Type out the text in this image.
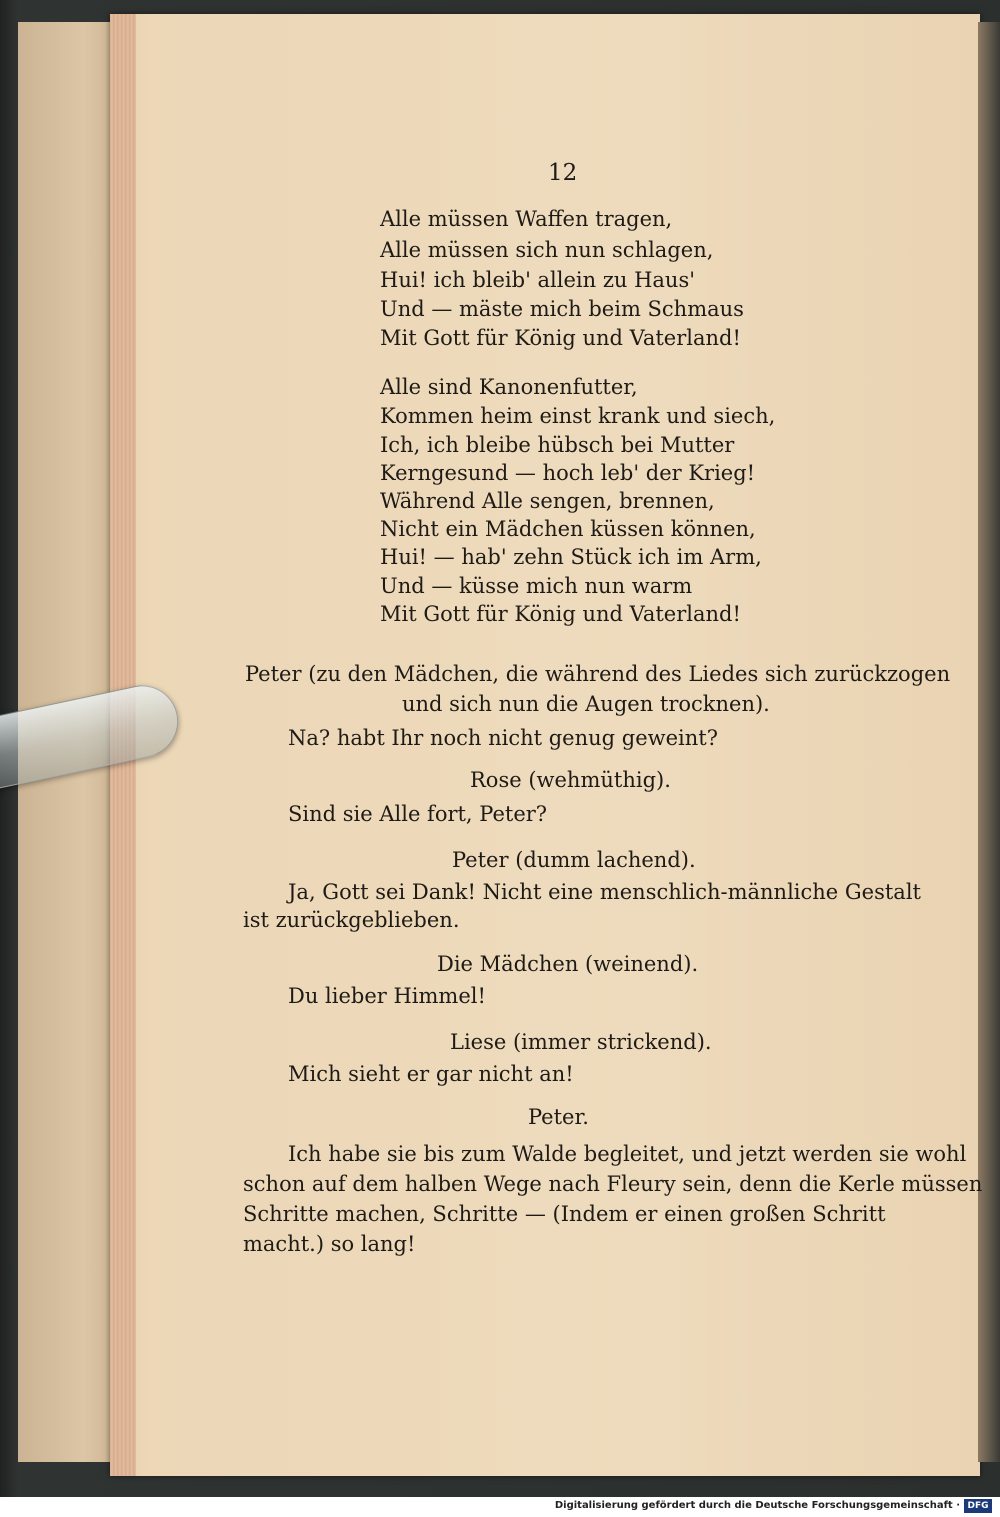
12
Alle müssen Waffen tragen,
Alle müssen sich nun schlagen,
Hui! ich bleib' allein zu Haus'
Und — mäste mich beim Schmaus
Mit Gott für König und Vaterland!
Alle sind Kanonenfutter,
Kommen heim einst krank und siech,
Ich, ich bleibe hübsch bei Mutter
Kerngesund — hoch leb' der Krieg!
Während Alle sengen, brennen,
Nicht ein Mädchen küssen können,
Hui! — hab' zehn Stück ich im Arm,
Und — küsse mich nun warm
Mit Gott für König und Vaterland!
Peter (zu den Mädchen, die während des Liedes sich zurückzogen
und sich nun die Augen trocknen).
Na? habt Ihr noch nicht genug geweint?
Rose (wehmüthig).
Sind sie Alle fort, Peter?
Peter (dumm lachend).
Ja, Gott sei Dank! Nicht eine menschlich-männliche Gestalt
ist zurückgeblieben.
Die Mädchen (weinend).
Du lieber Himmel!
Liese (immer strickend).
Mich sieht er gar nicht an!
Peter.
Ich habe sie bis zum Walde begleitet, und jetzt werden sie wohl
schon auf dem halben Wege nach Fleury sein, denn die Kerle müssen
Schritte machen, Schritte — (Indem er einen großen Schritt
macht.) so lang!
Digitalisierung gefördert durch die Deutsche Forschungsgemeinschaft · DFG
